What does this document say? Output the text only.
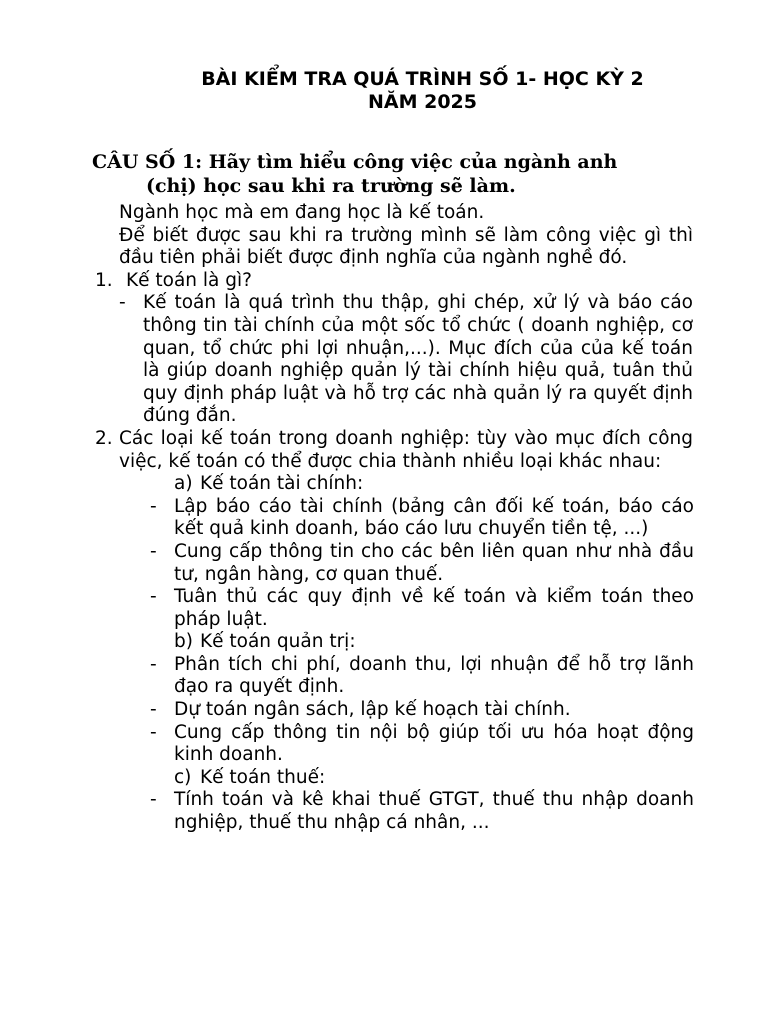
BÀI KIỂM TRA QUÁ TRÌNH SỐ 1- HỌC KỲ 2
NĂM 2025
CÂU SỐ 1: Hãy tìm hiểu công việc của ngành anh
(chị) học sau khi ra trường sẽ làm.

Ngành học mà em đang học là kế toán.

Để biết được sau khi ra trường mình sẽ làm công việc gì thì đầu tiên phải biết được định nghĩa của ngành nghề đó.

1. Kế toán là gì?
- Kế toán là quá trình thu thập, ghi chép, xử lý và báo cáo thông tin tài chính của một sốc tổ chức ( doanh nghiệp, cơ quan, tổ chức phi lợi nhuận,...). Mục đích của của kế toán là giúp doanh nghiệp quản lý tài chính hiệu quả, tuân thủ quy định pháp luật và hỗ trợ các nhà quản lý ra quyết định đúng đắn.
2. Các loại kế toán trong doanh nghiệp: tùy vào mục đích công việc, kế toán có thể được chia thành nhiều loại khác nhau:
a) Kế toán tài chính:
- Lập báo cáo tài chính (bảng cân đối kế toán, báo cáo kết quả kinh doanh, báo cáo lưu chuyển tiền tệ, ...)
- Cung cấp thông tin cho các bên liên quan như nhà đầu tư, ngân hàng, cơ quan thuế.
- Tuân thủ các quy định về kế toán và kiểm toán theo pháp luật.
b) Kế toán quản trị:
- Phân tích chi phí, doanh thu, lợi nhuận để hỗ trợ lãnh đạo ra quyết định.
- Dự toán ngân sách, lập kế hoạch tài chính.
- Cung cấp thông tin nội bộ giúp tối ưu hóa hoạt động kinh doanh.
c) Kế toán thuế:
- Tính toán và kê khai thuế GTGT, thuế thu nhập doanh nghiệp, thuế thu nhập cá nhân, ...
